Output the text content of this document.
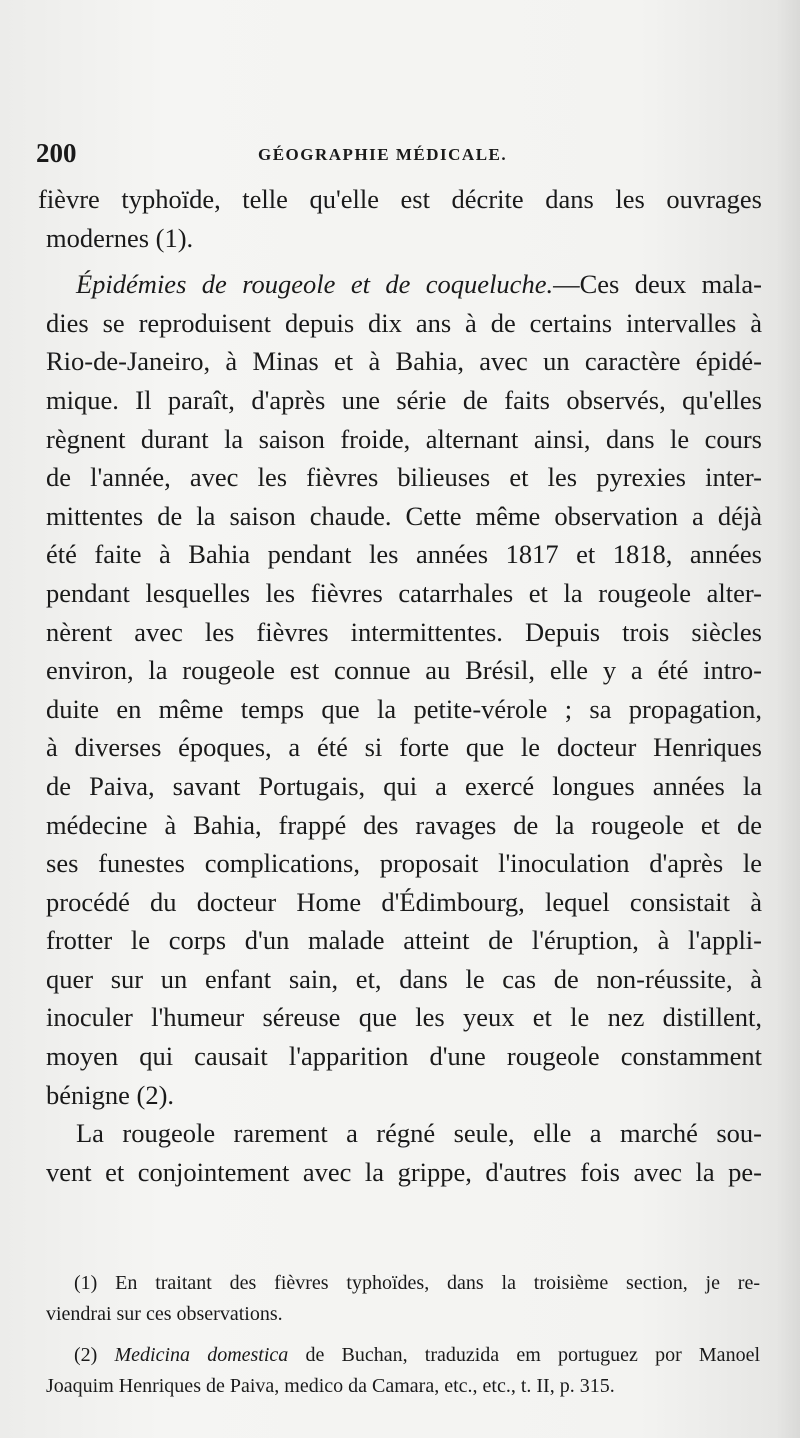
200	GÉOGRAPHIE MÉDICALE.
fièvre typhoïde, telle qu'elle est décrite dans les ouvrages
modernes (1).
Épidémies de rougeole et de coqueluche.—Ces deux mala-
dies se reproduisent depuis dix ans à de certains intervalles à
Rio-de-Janeiro, à Minas et à Bahia, avec un caractère épidé-
mique. Il paraît, d'après une série de faits observés, qu'elles
règnent durant la saison froide, alternant ainsi, dans le cours
de l'année, avec les fièvres bilieuses et les pyrexies inter-
mittentes de la saison chaude. Cette même observation a déjà
été faite à Bahia pendant les années 1817 et 1818, années
pendant lesquelles les fièvres catarrhales et la rougeole alter-
nèrent avec les fièvres intermittentes. Depuis trois siècles
environ, la rougeole est connue au Brésil, elle y a été intro-
duite en même temps que la petite-vérole ; sa propagation,
à diverses époques, a été si forte que le docteur Henriques
de Paiva, savant Portugais, qui a exercé longues années la
médecine à Bahia, frappé des ravages de la rougeole et de
ses funestes complications, proposait l'inoculation d'après le
procédé du docteur Home d'Édimbourg, lequel consistait à
frotter le corps d'un malade atteint de l'éruption, à l'appli-
quer sur un enfant sain, et, dans le cas de non-réussite, à
inoculer l'humeur séreuse que les yeux et le nez distillent,
moyen qui causait l'apparition d'une rougeole constamment
bénigne (2).
La rougeole rarement a régné seule, elle a marché sou-
vent et conjointement avec la grippe, d'autres fois avec la pe-
(1) En traitant des fièvres typhoïdes, dans la troisième section, je re-
viendrai sur ces observations.
(2) Medicina domestica de Buchan, traduzida em portuguez por Manoel
Joaquim Henriques de Paiva, medico da Camara, etc., etc., t. II, p. 315.
